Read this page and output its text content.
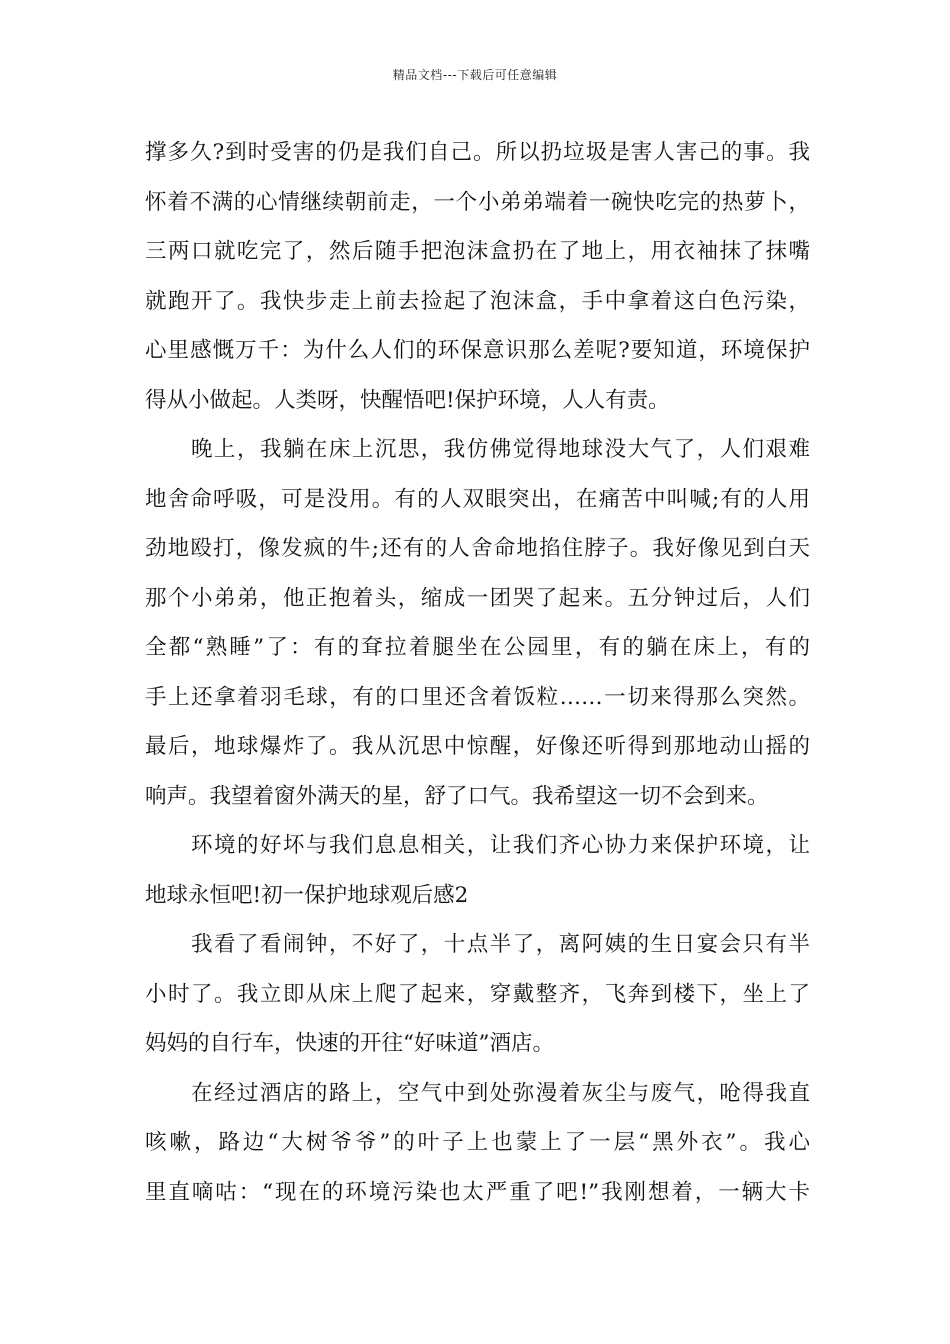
精品文档---下载后可任意编辑
撑多久?到时受害的仍是我们自己。所以扔垃圾是害人害己的事。我
怀着不满的心情继续朝前走，一个小弟弟端着一碗快吃完的热萝卜，
三两口就吃完了，然后随手把泡沫盒扔在了地上，用衣袖抹了抹嘴
就跑开了。我快步走上前去捡起了泡沫盒，手中拿着这白色污染，
心里感慨万千：为什么人们的环保意识那么差呢?要知道，环境保护
得从小做起。人类呀，快醒悟吧!保护环境，人人有责。
晚上，我躺在床上沉思，我仿佛觉得地球没大气了，人们艰难
地舍命呼吸，可是没用。有的人双眼突出，在痛苦中叫喊;有的人用
劲地殴打，像发疯的牛;还有的人舍命地掐住脖子。我好像见到白天
那个小弟弟，他正抱着头，缩成一团哭了起来。五分钟过后，人们
全都“熟睡”了：有的耷拉着腿坐在公园里，有的躺在床上，有的
手上还拿着羽毛球，有的口里还含着饭粒……一切来得那么突然。
最后，地球爆炸了。我从沉思中惊醒，好像还听得到那地动山摇的
响声。我望着窗外满天的星，舒了口气。我希望这一切不会到来。
环境的好坏与我们息息相关，让我们齐心协力来保护环境，让
地球永恒吧!初一保护地球观后感2
我看了看闹钟，不好了，十点半了，离阿姨的生日宴会只有半
小时了。我立即从床上爬了起来，穿戴整齐，飞奔到楼下，坐上了
妈妈的自行车，快速的开往“好味道”酒店。
在经过酒店的路上，空气中到处弥漫着灰尘与废气，呛得我直
咳嗽，路边“大树爷爷”的叶子上也蒙上了一层“黑外衣”。我心
里直嘀咕：“现在的环境污染也太严重了吧!”我刚想着，一辆大卡
